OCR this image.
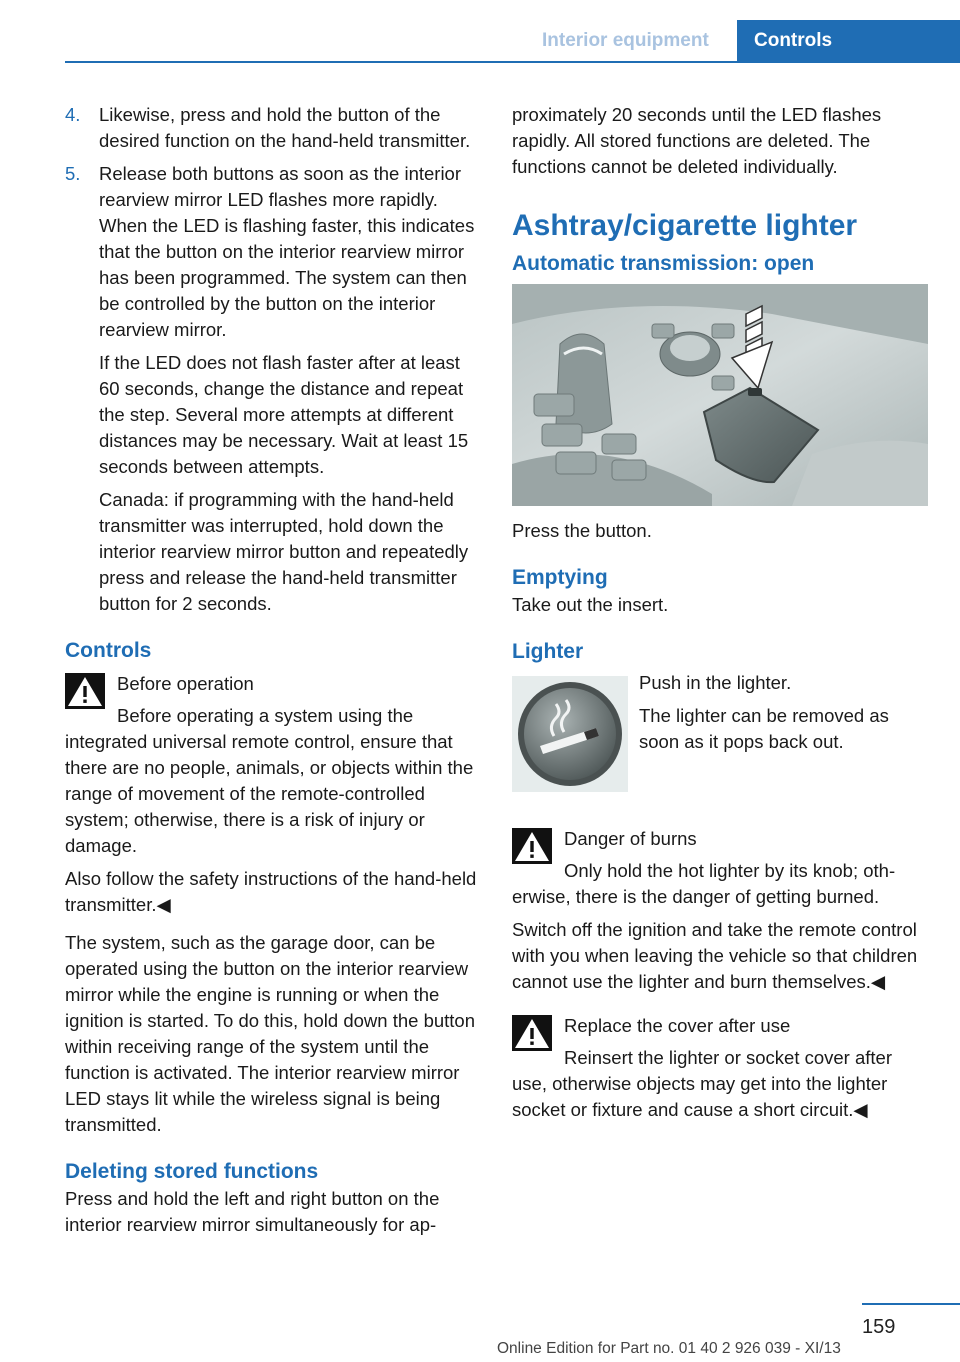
Interior equipment Controls
4. Likewise, press and hold the button of the desired function on the hand-held transmitter.
5. Release both buttons as soon as the interior rearview mirror LED flashes more rapidly. When the LED is flashing faster, this indicates that the button on the interior rearview mirror has been programmed. The system can then be controlled by the button on the interior rearview mirror.

If the LED does not flash faster after at least 60 seconds, change the distance and repeat the step. Several more attempts at different distances may be necessary. Wait at least 15 seconds between attempts.

Canada: if programming with the hand-held transmitter was interrupted, hold down the interior rearview mirror button and repeatedly press and release the hand-held transmitter button for 2 seconds.

Controls

Before operation

Before operating a system using the

integrated universal remote control, ensure that there are no people, animals, or objects within the range of movement of the remote-controlled system; otherwise, there is a risk of injury or damage.

Also follow the safety instructions of the hand-held transmitter.◀

The system, such as the garage door, can be operated using the button on the interior rearview mirror while the engine is running or when the ignition is started. To do this, hold down the button within receiving range of the system until the function is activated. The interior rearview mirror LED stays lit while the wireless signal is being transmitted.

Deleting stored functions

Press and hold the left and right button on the interior rearview mirror simultaneously for ap-

proximately 20 seconds until the LED flashes rapidly. All stored functions are deleted. The functions cannot be deleted individually.

Ashtray/cigarette lighter
Automatic transmission: open

Press the button.

Emptying

Take out the insert.

Lighter

Push in the lighter.

The lighter can be removed as soon as it pops back out.

Danger of burns

Only hold the hot lighter by its knob; oth-

erwise, there is the danger of getting burned.

Switch off the ignition and take the remote control with you when leaving the vehicle so that children cannot use the lighter and burn themselves.◀

Replace the cover after use

Reinsert the lighter or socket cover after

use, otherwise objects may get into the lighter socket or fixture and cause a short circuit.◀

159
Online Edition for Part no. 01 40 2 926 039 - XI/13
